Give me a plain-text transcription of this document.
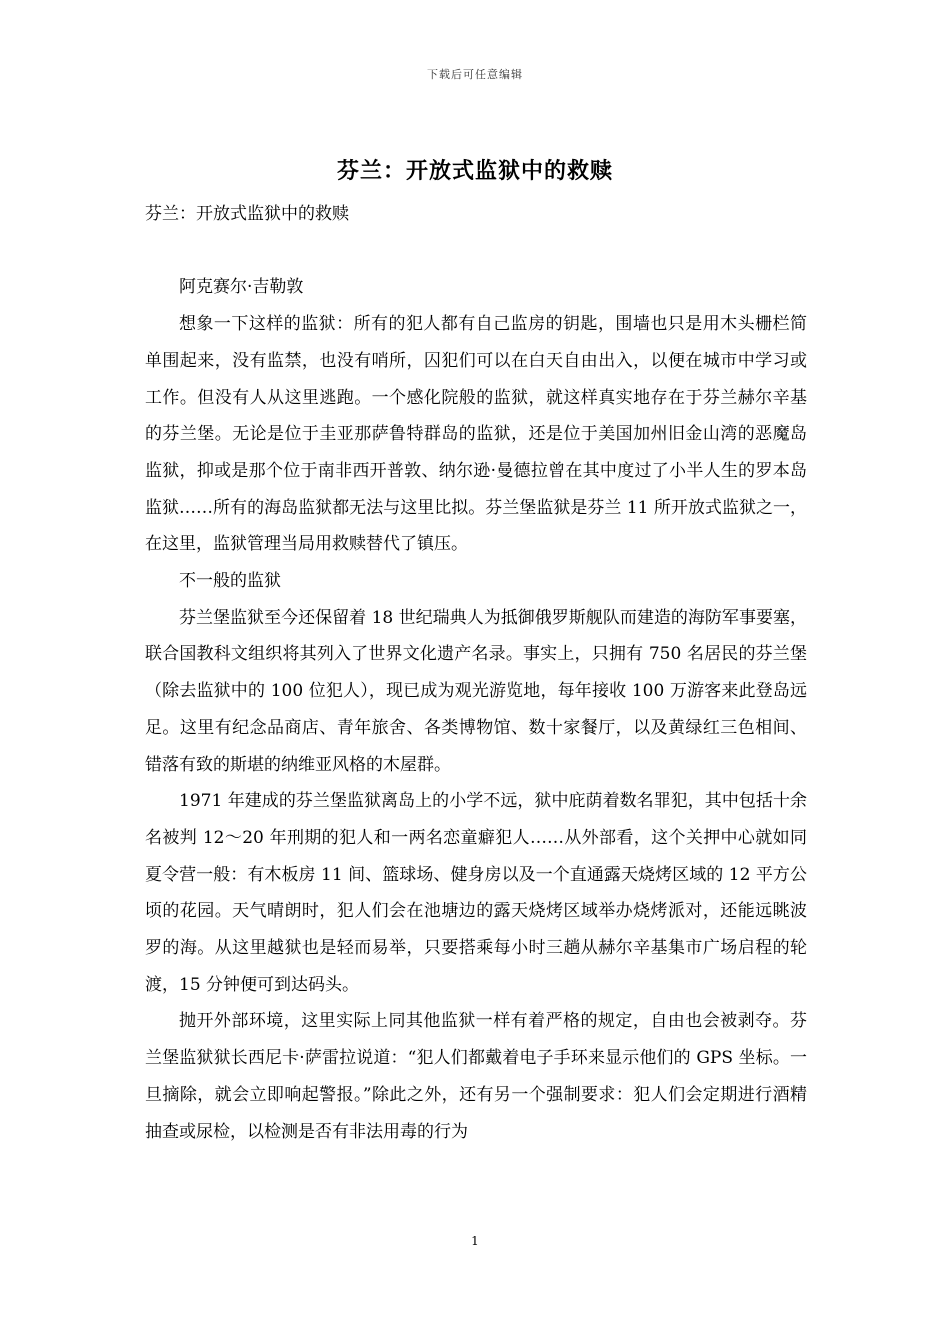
下载后可任意编辑
芬兰：开放式监狱中的救赎

芬兰：开放式监狱中的救赎

阿克赛尔·吉勒敦

想象一下这样的监狱：所有的犯人都有自己监房的钥匙，围墙也只是用木头栅栏简单围起来，没有监禁，也没有哨所，囚犯们可以在白天自由出入，以便在城市中学习或工作。但没有人从这里逃跑。一个感化院般的监狱，就这样真实地存在于芬兰赫尔辛基的芬兰堡。无论是位于圭亚那萨鲁特群岛的监狱，还是位于美国加州旧金山湾的恶魔岛监狱，抑或是那个位于南非西开普敦、纳尔逊·曼德拉曾在其中度过了小半人生的罗本岛监狱……所有的海岛监狱都无法与这里比拟。芬兰堡监狱是芬兰 11 所开放式监狱之一，在这里，监狱管理当局用救赎替代了镇压。

不一般的监狱

芬兰堡监狱至今还保留着 18 世纪瑞典人为抵御俄罗斯舰队而建造的海防军事要塞，联合国教科文组织将其列入了世界文化遗产名录。事实上，只拥有 750 名居民的芬兰堡（除去监狱中的 100 位犯人），现已成为观光游览地，每年接收 100 万游客来此登岛远足。这里有纪念品商店、青年旅舍、各类博物馆、数十家餐厅，以及黄绿红三色相间、错落有致的斯堪的纳维亚风格的木屋群。

1971 年建成的芬兰堡监狱离岛上的小学不远，狱中庇荫着数名罪犯，其中包括十余名被判 12～20 年刑期的犯人和一两名恋童癖犯人……从外部看，这个关押中心就如同夏令营一般：有木板房 11 间、篮球场、健身房以及一个直通露天烧烤区域的 12 平方公顷的花园。天气晴朗时，犯人们会在池塘边的露天烧烤区域举办烧烤派对，还能远眺波罗的海。从这里越狱也是轻而易举，只要搭乘每小时三趟从赫尔辛基集市广场启程的轮渡，15 分钟便可到达码头。

抛开外部环境，这里实际上同其他监狱一样有着严格的规定，自由也会被剥夺。芬兰堡监狱狱长西尼卡·萨雷拉说道：“犯人们都戴着电子手环来显示他们的 GPS 坐标。一旦摘除，就会立即响起警报。”除此之外，还有另一个强制要求：犯人们会定期进行酒精抽查或尿检，以检测是否有非法用毒的行为

1
